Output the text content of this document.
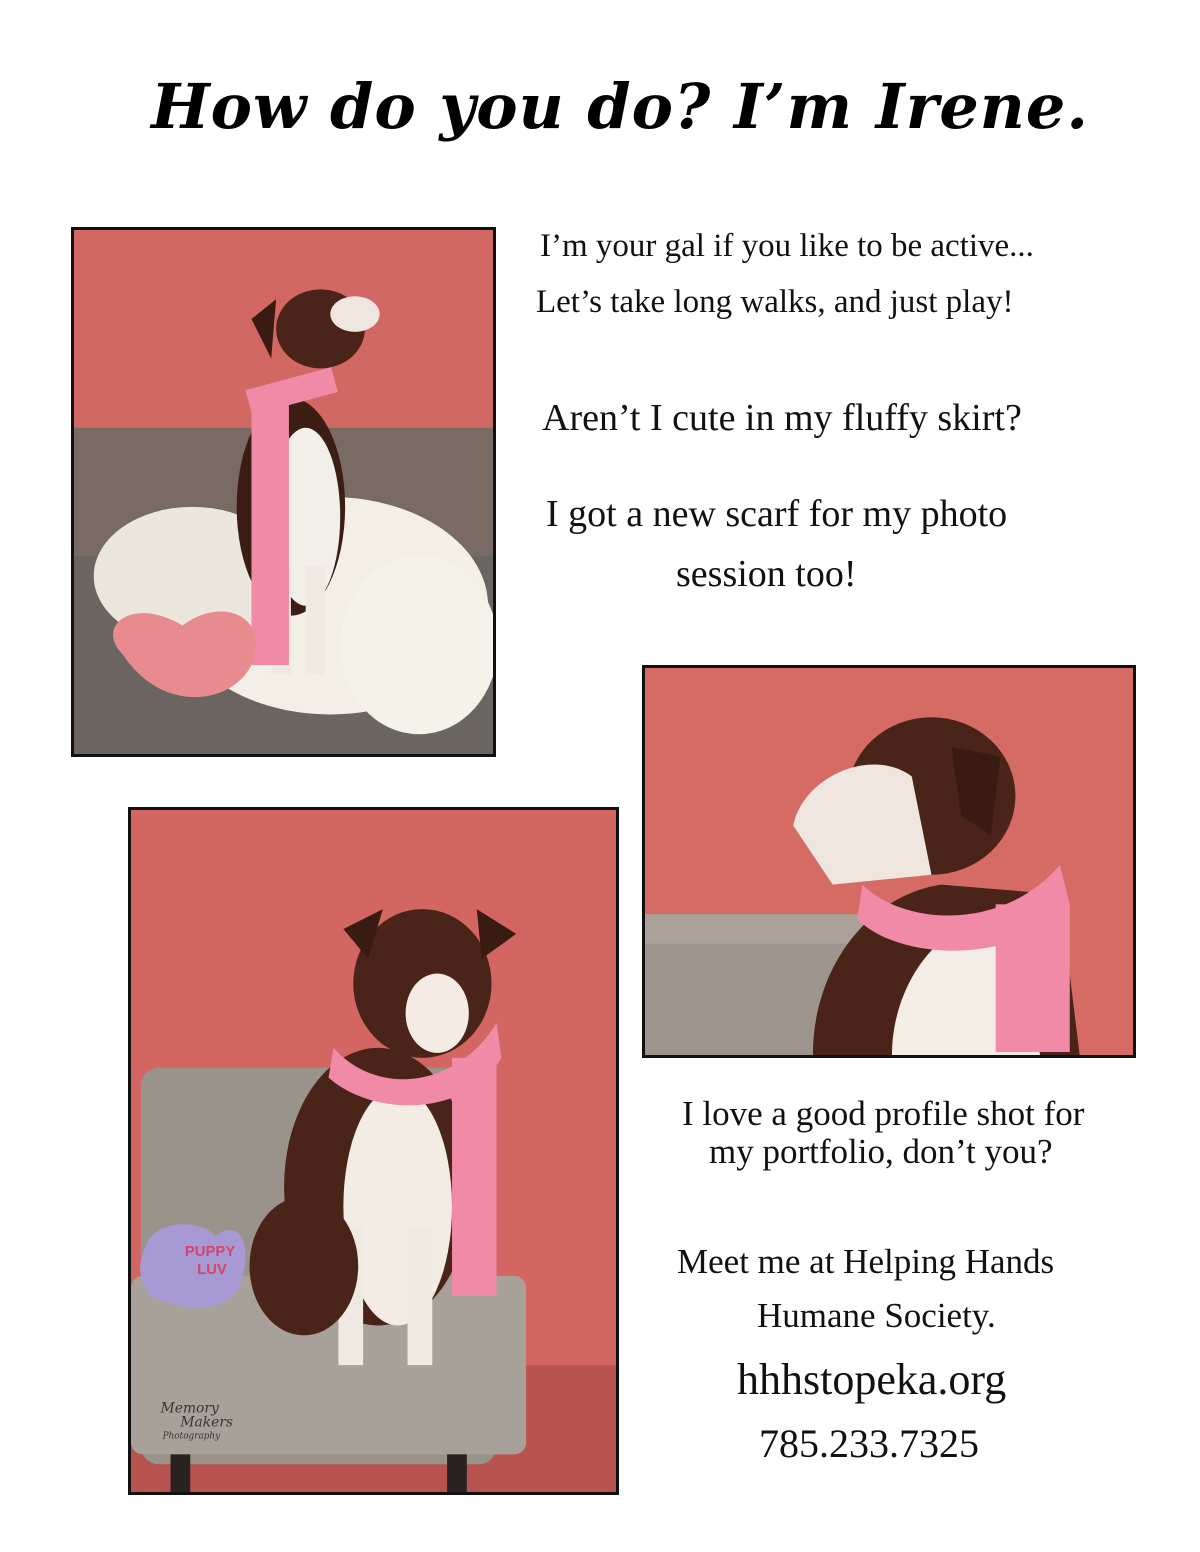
How do you do? I’m Irene.
I’m your gal if you like to be active...
Let’s take long walks, and just play!
Aren’t I cute in my fluffy skirt?
I got a new scarf for my photo
session too!
PUPPY
LUV
Memory
Makers
Photography
I love a good profile shot for
my portfolio, don’t you?
Meet me at Helping Hands
Humane Society.
hhhstopeka.org
785.233.7325
